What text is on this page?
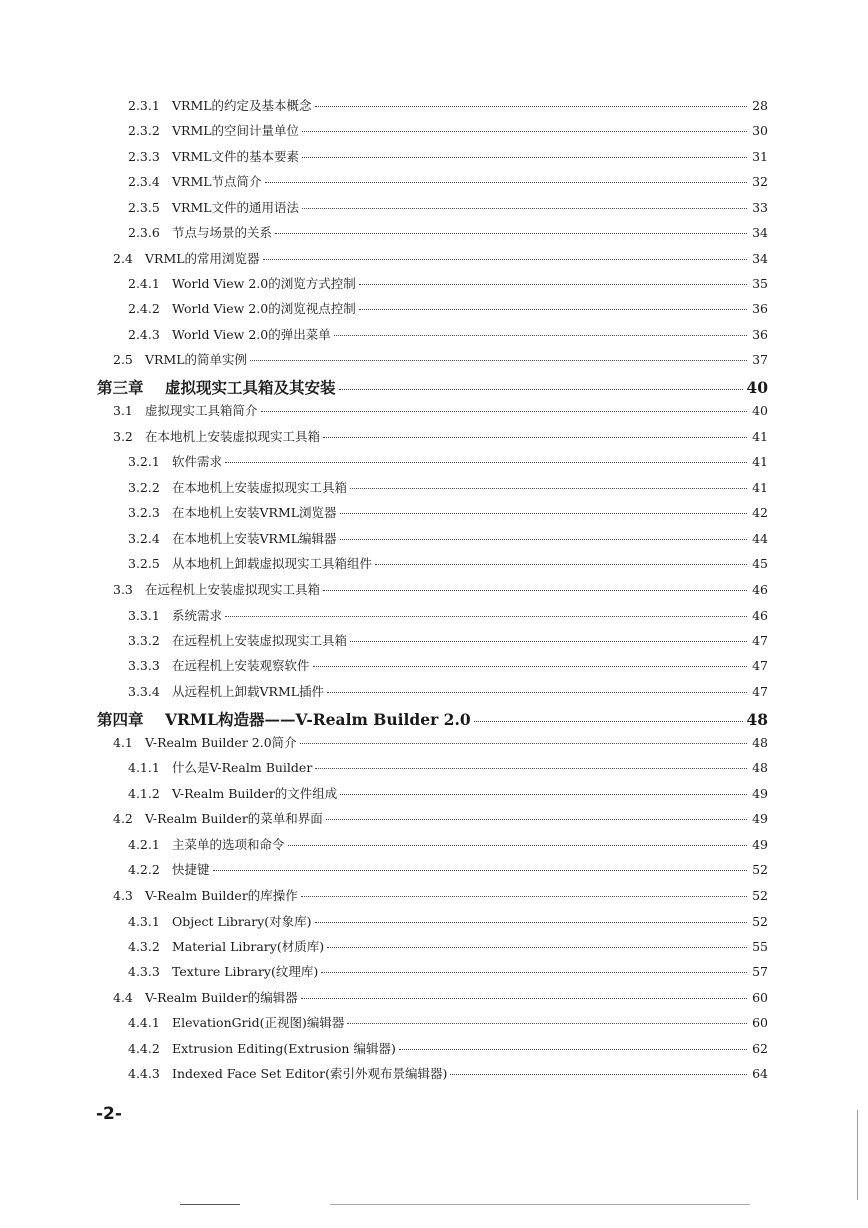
2.3.1 VRML的约定及基本概念	28
2.3.2 VRML的空间计量单位	30
2.3.3 VRML文件的基本要素	31
2.3.4 VRML节点简介	32
2.3.5 VRML文件的通用语法	33
2.3.6 节点与场景的关系	34
2.4 VRML的常用浏览器	34
2.4.1 World View 2.0的浏览方式控制	35
2.4.2 World View 2.0的浏览视点控制	36
2.4.3 World View 2.0的弹出菜单	36
2.5 VRML的简单实例	37
第三章	虚拟现实工具箱及其安装	40
3.1 虚拟现实工具箱简介	40
3.2 在本地机上安装虚拟现实工具箱	41
3.2.1 软件需求	41
3.2.2 在本地机上安装虚拟现实工具箱	41
3.2.3 在本地机上安装VRML浏览器	42
3.2.4 在本地机上安装VRML编辑器	44
3.2.5 从本地机上卸载虚拟现实工具箱组件	45
3.3 在远程机上安装虚拟现实工具箱	46
3.3.1 系统需求	46
3.3.2 在远程机上安装虚拟现实工具箱	47
3.3.3 在远程机上安装观察软件	47
3.3.4 从远程机上卸载VRML插件	47
第四章	VRML构造器——V-Realm Builder 2.0	48
4.1 V-Realm Builder 2.0简介	48
4.1.1 什么是V-Realm Builder	48
4.1.2 V-Realm Builder的文件组成	49
4.2 V-Realm Builder的菜单和界面	49
4.2.1 主菜单的选项和命令	49
4.2.2 快捷键	52
4.3 V-Realm Builder的库操作	52
4.3.1 Object Library(对象库)	52
4.3.2 Material Library(材质库)	55
4.3.3 Texture Library(纹理库)	57
4.4 V-Realm Builder的编辑器	60
4.4.1 ElevationGrid(正视图)编辑器	60
4.4.2 Extrusion Editing(Extrusion 编辑器)	62
4.4.3 Indexed Face Set Editor(索引外观布景编辑器)	64
-2-
